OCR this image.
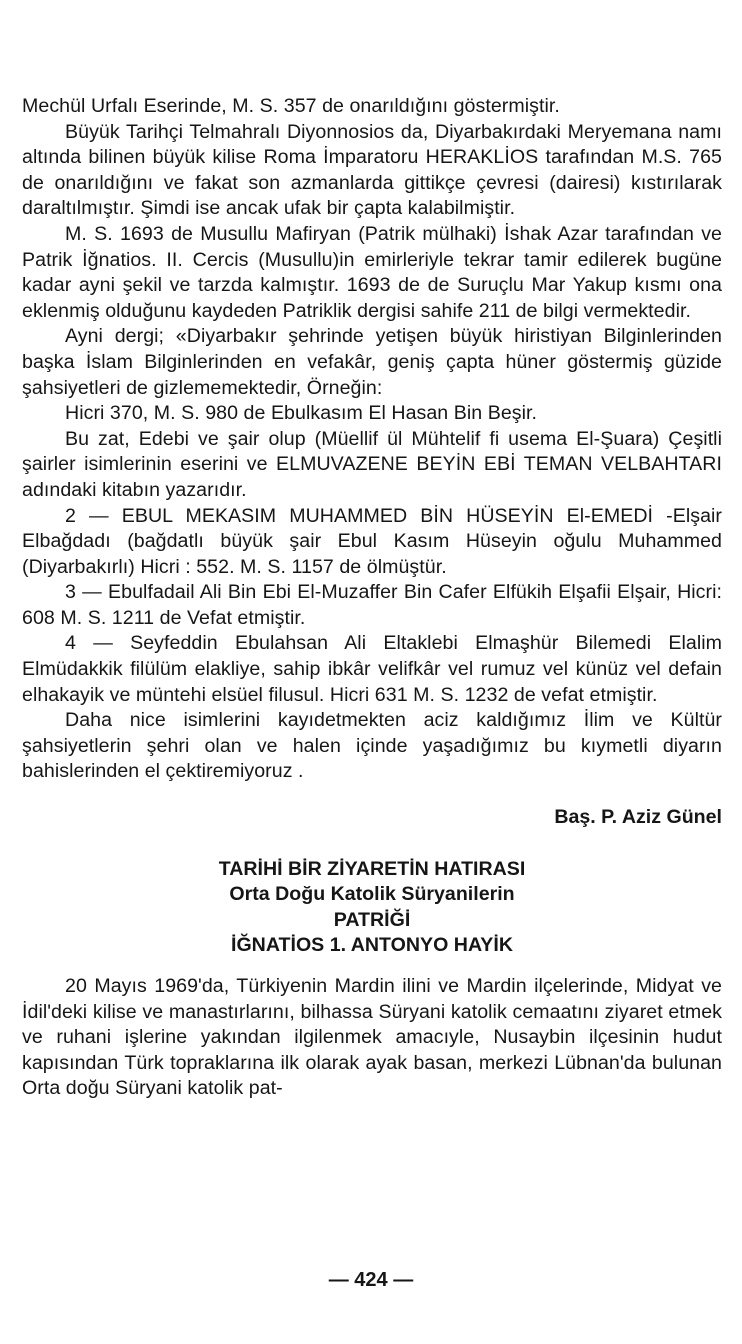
Mechül Urfalı Eserinde, M. S. 357 de onarıldığını göstermiştir.

Büyük Tarihçi Telmahralı Diyonnosios da, Diyarbakırdaki Meryemana namı altında bilinen büyük kilise Roma İmparatoru HERAKLİOS tarafından M.S. 765 de onarıldığını ve fakat son azmanlarda gittikçe çevresi (dairesi) kıstırılarak daraltılmıştır. Şimdi ise ancak ufak bir çapta kalabilmiştir.

M. S. 1693 de Musullu Mafiryan (Patrik mülhaki) İshak Azar tarafından ve Patrik İğnatios. II. Cercis (Musullu)in emirleriyle tekrar tamir edilerek bugüne kadar ayni şekil ve tarzda kalmıştır. 1693 de de Suruçlu Mar Yakup kısmı ona eklenmiş olduğunu kaydeden Patriklik dergisi sahife 211 de bilgi vermektedir.

Ayni dergi; «Diyarbakır şehrinde yetişen büyük hiristiyan Bilginlerinden başka İslam Bilginlerinden en vefakâr, geniş çapta hüner göstermiş güzide şahsiyetleri de gizlememektedir, Örneğin:

Hicri 370, M. S. 980 de Ebulkasım El Hasan Bin Beşir.

Bu zat, Edebi ve şair olup (Müellif ül Mühtelif fi usema El-Şuara) Çeşitli şairler isimlerinin eserini ve ELMUVAZENE BEYİN EBİ TEMAN VELBAHTARI adındaki kitabın yazarıdır.

2 — EBUL MEKASIM MUHAMMED BİN HÜSEYİN El-EMEDİ -Elşair Elbağdadı (bağdatlı büyük şair Ebul Kasım Hüseyin oğulu Muhammed (Diyarbakırlı) Hicri : 552. M. S. 1157 de ölmüştür.

3 — Ebulfadail Ali Bin Ebi El-Muzaffer Bin Cafer Elfükih Elşafii Elşair, Hicri: 608 M. S. 1211 de Vefat etmiştir.

4 — Seyfeddin Ebulahsan Ali Eltaklebi Elmaşhür Bilemedi Elalim Elmüdakkik filülüm elakliye, sahip ibkâr velifkâr vel rumuz vel künüz vel defain elhakayik ve müntehi elsüel filusul. Hicri 631 M. S. 1232 de vefat etmiştir.

Daha nice isimlerini kayıdetmekten aciz kaldığımız İlim ve Kültür şahsiyetlerin şehri olan ve halen içinde yaşadığımız bu kıymetli diyarın bahislerinden el çektiremiyoruz .

Baş. P. Aziz Günel
TARİHİ BİR ZİYARETİN HATIRASI
Orta Doğu Katolik Süryanilerin
PATRİĞİ
İĞNATİOS 1. ANTONYO HAYİK

20 Mayıs 1969'da, Türkiyenin Mardin ilini ve Mardin ilçelerinde, Midyat ve İdil'deki kilise ve manastırlarını, bilhassa Süryani katolik cemaatını ziyaret etmek ve ruhani işlerine yakından ilgilenmek amacıyle, Nusaybin ilçesinin hudut kapısından Türk topraklarına ilk olarak ayak basan, merkezi Lübnan'da bulunan Orta doğu Süryani katolik pat-

— 424 —
